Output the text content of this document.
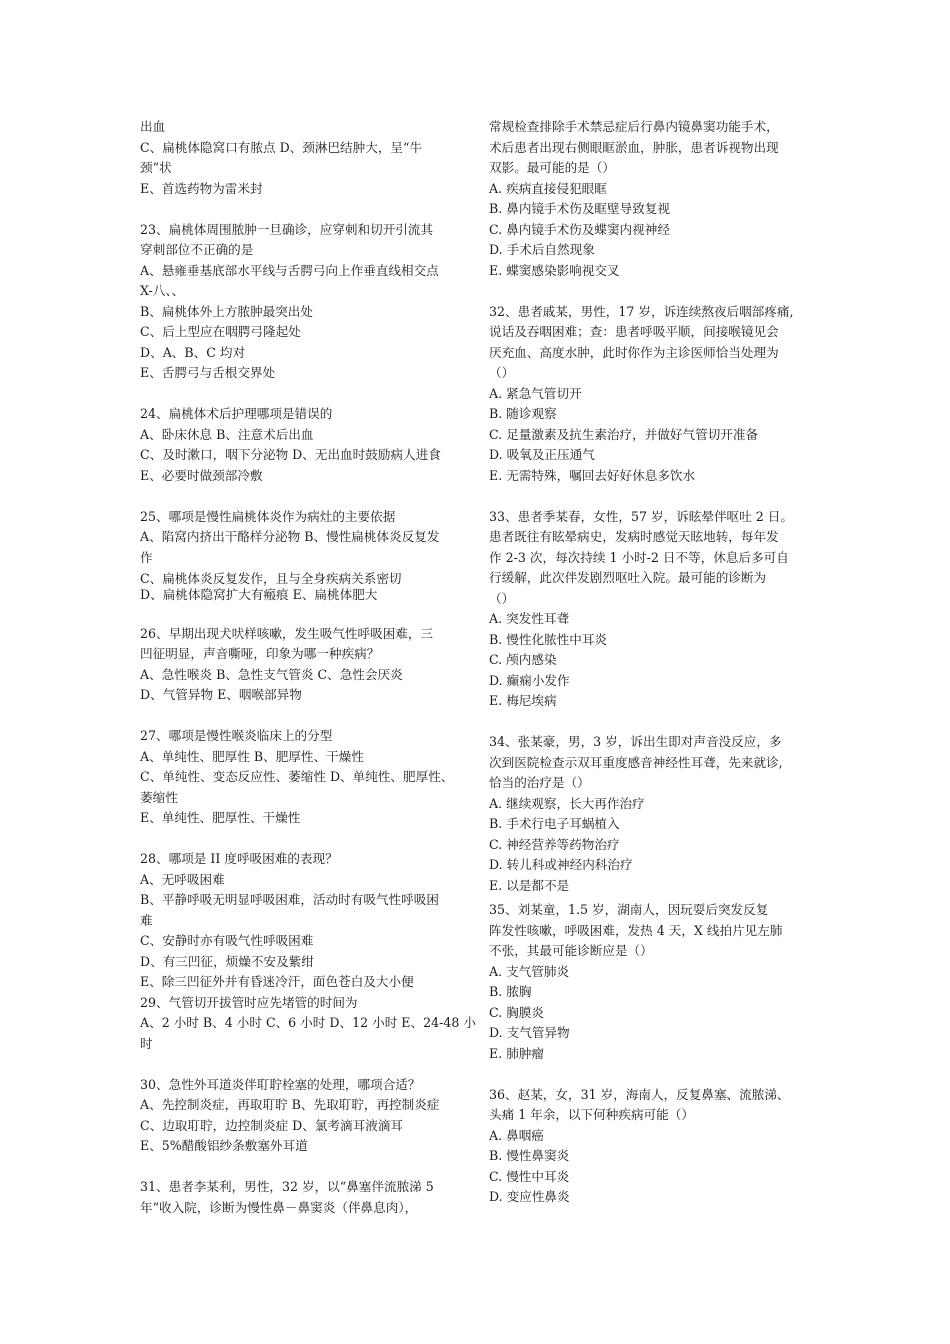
出血
C、扁桃体隐窝口有脓点 D、颈淋巴结肿大，呈“牛
颈”状
E、首选药物为雷米封
23、扁桃体周围脓肿一旦确诊，应穿刺和切开引流其
穿刺部位不正确的是
A、悬雍垂基底部水平线与舌腭弓向上作垂直线相交点
X-八、、
B、扁桃体外上方脓肿最突出处
C、后上型应在咽腭弓隆起处
D、A、B、C 均对
E、舌腭弓与舌根交界处
24、扁桃体术后护理哪项是错误的
A、卧床休息 B、注意术后出血
C、及时漱口，咽下分泌物 D、无出血时鼓励病人进食
E、必要时做颈部冷敷
25、哪项是慢性扁桃体炎作为病灶的主要依据
A、陷窝内挤出干酪样分泌物 B、慢性扁桃体炎反复发
作
C、扁桃体炎反复发作，且与全身疾病关系密切
D、扁桃体隐窝扩大有瘢痕 E、扁桃体肥大
26、早期出现犬吠样咳嗽，发生吸气性呼吸困难，三
凹征明显，声音嘶哑，印象为哪一种疾病？
A、急性喉炎 B、急性支气管炎 C、急性会厌炎
D、气管异物 E、咽喉部异物
27、哪项是慢性喉炎临床上的分型
A、单纯性、肥厚性 B、肥厚性、干燥性
C、单纯性、变态反应性、萎缩性 D、单纯性、肥厚性、
萎缩性
E、单纯性、肥厚性、干燥性
28、哪项是 II 度呼吸困难的表现？
A、无呼吸困难
B、平静呼吸无明显呼吸困难，活动时有吸气性呼吸困
难
C、安静时亦有吸气性呼吸困难
D、有三凹征，烦燥不安及紫绀
E、除三凹征外并有昏迷冷汗，面色苍白及大小便
29、气管切开拔管时应先堵管的时间为
A、2 小时 B、4 小时 C、6 小时 D、12 小时 E、24-48 小
时
30、急性外耳道炎伴耵聍栓塞的处理，哪项合适？
A、先控制炎症，再取耵聍 B、先取耵聍，再控制炎症
C、边取耵聍，边控制炎症 D、氯考滴耳液滴耳
E、5%醋酸铝纱条敷塞外耳道
31、患者李某利，男性，32 岁，以“鼻塞伴流脓涕 5
年”收入院，诊断为慢性鼻－鼻窦炎（伴鼻息肉），
常规检查排除手术禁忌症后行鼻内镜鼻窦功能手术，
术后患者出现右侧眼眶淤血，肿胀，患者诉视物出现
双影。最可能的是（）
A. 疾病直接侵犯眼眶
B. 鼻内镜手术伤及眶壁导致复视
C. 鼻内镜手术伤及蝶窦内视神经
D. 手术后自然现象
E. 蝶窦感染影响视交叉
32、患者戚某，男性，17 岁，诉连续熬夜后咽部疼痛,
说话及吞咽困难；查：患者呼吸平顺，间接喉镜见会
厌充血、高度水肿，此时你作为主诊医师恰当处理为
（）
A. 紧急气管切开
B. 随诊观察
C. 足量激素及抗生素治疗，并做好气管切开准备
D. 吸氧及正压通气
E. 无需特殊，嘱回去好好休息多饮水
33、患者季某春，女性，57 岁，诉眩晕伴呕吐 2 日。
患者既往有眩晕病史，发病时感觉天眩地转，每年发
作 2-3 次，每次持续 1 小时-2 日不等，休息后多可自
行缓解，此次伴发剧烈呕吐入院。最可能的诊断为
（）
A. 突发性耳聋
B. 慢性化脓性中耳炎
C. 颅内感染
D. 癫痫小发作
E. 梅尼埃病
34、张某豪，男，3 岁，诉出生即对声音没反应，多
次到医院检查示双耳重度感音神经性耳聋，先来就诊,
恰当的治疗是（）
A. 继续观察，长大再作治疗
B. 手术行电子耳蜗植入
C. 神经营养等药物治疗
D. 转儿科或神经内科治疗
E. 以是都不是
35、刘某童，1.5 岁，湖南人，因玩耍后突发反复
阵发性咳嗽，呼吸困难，发热 4 天，X 线拍片见左肺
不张，其最可能诊断应是（）
A. 支气管肺炎
B. 脓胸
C. 胸膜炎
D. 支气管异物
E. 肺肿瘤
36、赵某，女，31 岁，海南人，反复鼻塞、流脓涕、
头痛 1 年余，以下何种疾病可能（）
A. 鼻咽癌
B. 慢性鼻窦炎
C. 慢性中耳炎
D. 变应性鼻炎
